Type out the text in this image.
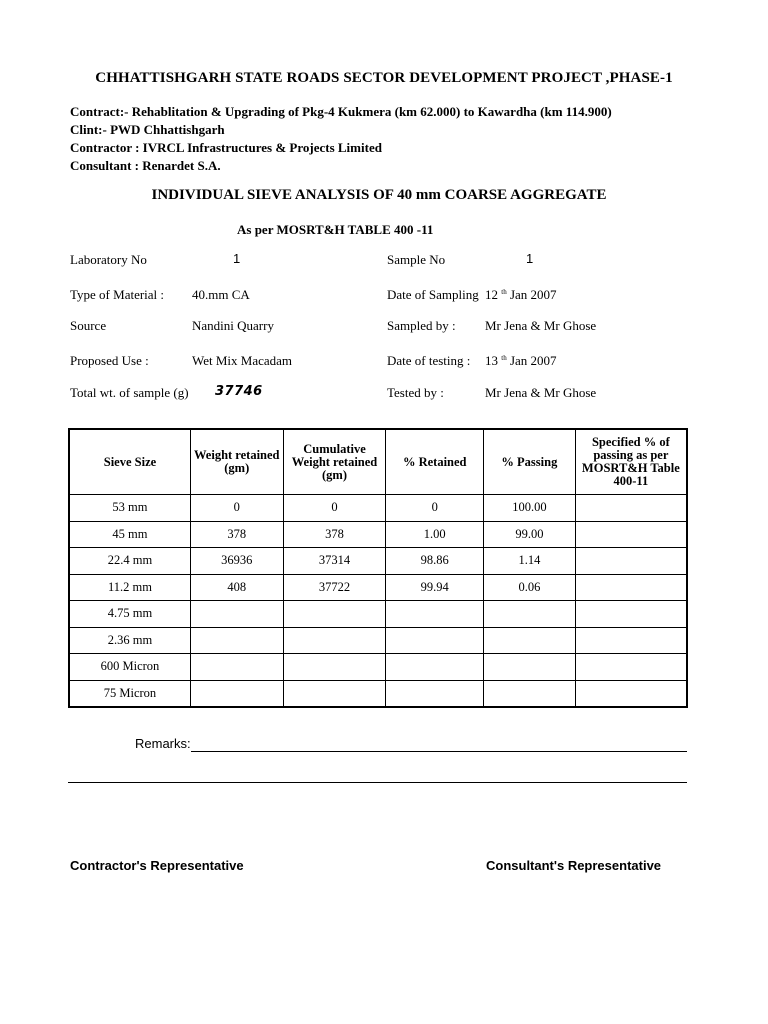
CHHATTISHGARH STATE ROADS SECTOR DEVELOPMENT PROJECT ,PHASE-1
Contract:- Rehablitation & Upgrading of Pkg-4 Kukmera (km 62.000) to Kawardha (km 114.900)
Clint:- PWD Chhattishgarh
Contractor : IVRCL Infrastructures & Projects Limited
Consultant : Renardet S.A.
INDIVIDUAL SIEVE ANALYSIS OF 40 mm COARSE AGGREGATE
As per MOSRT&H TABLE 400 -11
Laboratory No	1	Sample No	1
Type of Material : 40.mm CA	Date of Sampling 12 $^{th}$ Jan 2007
Source	Nandini Quarry	Sampled by : Mr Jena & Mr Ghose
Proposed Use :	Wet Mix Macadam	Date of testing : 13 $^{th}$ Jan 2007
Total wt. of sample (g) 37746	Tested by :	Mr Jena & Mr Ghose
Sieve Size	Weight retained (gm)	Cumulative Weight retained (gm)	% Retained	% Passing	Specified % of passing as per MOSRT&H Table 400-11
53 mm	0	0	0	100.00	
45 mm	378	378	1.00	99.00	
22.4 mm	36936	37314	98.86	1.14	
11.2 mm	408	37722	99.94	0.06	
4.75 mm					
2.36 mm					
600 Micron					
75 Micron					
Remarks:
Contractor's Representative	Consultant's Representative
